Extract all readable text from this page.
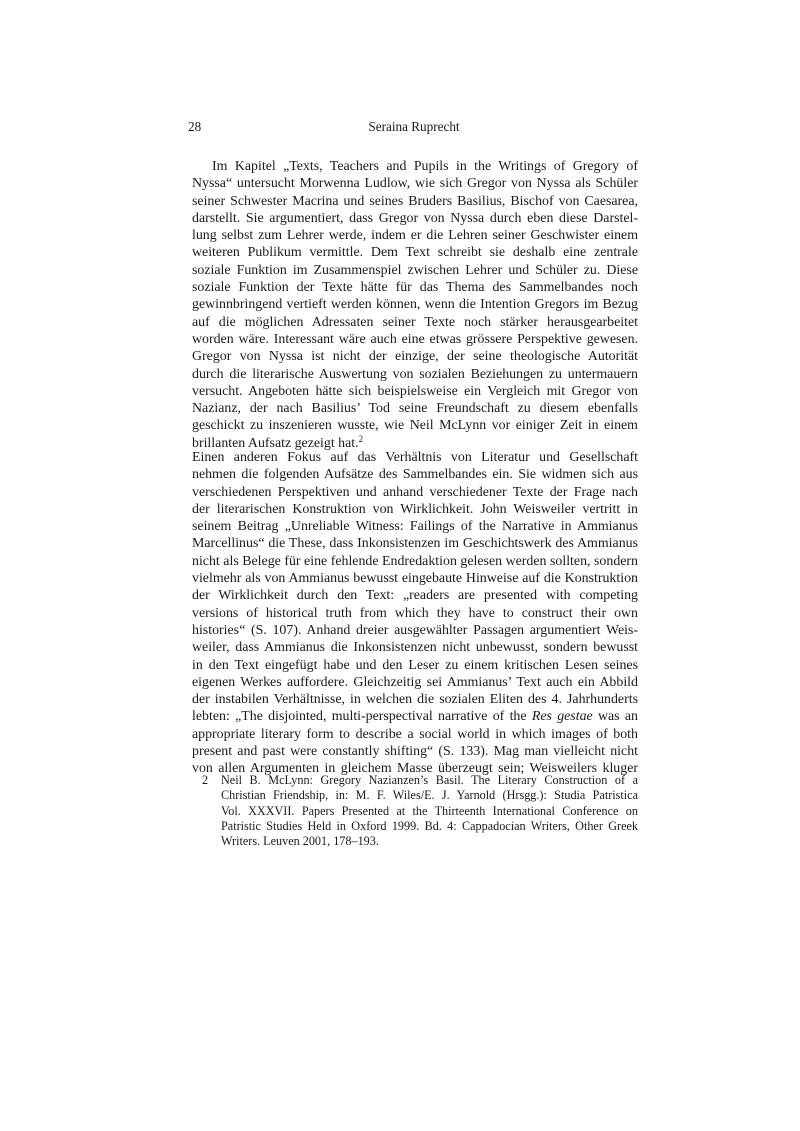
28	Seraina Ruprecht
Im Kapitel „Texts, Teachers and Pupils in the Writings of Gregory of
Nyssa“ untersucht Morwenna Ludlow, wie sich Gregor von Nyssa als Schüler
seiner Schwester Macrina und seines Bruders Basilius, Bischof von Caesarea,
darstellt. Sie argumentiert, dass Gregor von Nyssa durch eben diese Darstel-
lung selbst zum Lehrer werde, indem er die Lehren seiner Geschwister einem
weiteren Publikum vermittle. Dem Text schreibt sie deshalb eine zentrale
soziale Funktion im Zusammenspiel zwischen Lehrer und Schüler zu. Diese
soziale Funktion der Texte hätte für das Thema des Sammelbandes noch
gewinnbringend vertieft werden können, wenn die Intention Gregors im Bezug
auf die möglichen Adressaten seiner Texte noch stärker herausgearbeitet
worden wäre. Interessant wäre auch eine etwas grössere Perspektive gewesen.
Gregor von Nyssa ist nicht der einzige, der seine theologische Autorität
durch die literarische Auswertung von sozialen Beziehungen zu untermauern
versucht. Angeboten hätte sich beispielsweise ein Vergleich mit Gregor von
Nazianz, der nach Basilius’ Tod seine Freundschaft zu diesem ebenfalls
geschickt zu inszenieren wusste, wie Neil McLynn vor einiger Zeit in einem
brillanten Aufsatz gezeigt hat.$^2$
Einen anderen Fokus auf das Verhältnis von Literatur und Gesellschaft
nehmen die folgenden Aufsätze des Sammelbandes ein. Sie widmen sich aus
verschiedenen Perspektiven und anhand verschiedener Texte der Frage nach
der literarischen Konstruktion von Wirklichkeit. John Weisweiler vertritt in
seinem Beitrag „Unreliable Witness: Failings of the Narrative in Ammianus
Marcellinus“ die These, dass Inkonsistenzen im Geschichtswerk des Ammianus
nicht als Belege für eine fehlende Endredaktion gelesen werden sollten, sondern
vielmehr als von Ammianus bewusst eingebaute Hinweise auf die Konstruktion
der Wirklichkeit durch den Text: „readers are presented with competing
versions of historical truth from which they have to construct their own
histories“ (S. 107). Anhand dreier ausgewählter Passagen argumentiert Weis-
weiler, dass Ammianus die Inkonsistenzen nicht unbewusst, sondern bewusst
in den Text eingefügt habe und den Leser zu einem kritischen Lesen seines
eigenen Werkes auffordere. Gleichzeitig sei Ammianus’ Text auch ein Abbild
der instabilen Verhältnisse, in welchen die sozialen Eliten des 4. Jahrhunderts
lebten: „The disjointed, multi-perspectival narrative of the Res gestae was an
appropriate literary form to describe a social world in which images of both
present and past were constantly shifting“ (S. 133). Mag man vielleicht nicht
von allen Argumenten in gleichem Masse überzeugt sein; Weisweilers kluger
2 Neil B. McLynn: Gregory Nazianzen’s Basil. The Literary Construction of a
Christian Friendship, in: M. F. Wiles/E. J. Yarnold (Hrsgg.): Studia Patristica
Vol. XXXVII. Papers Presented at the Thirteenth International Conference on
Patristic Studies Held in Oxford 1999. Bd. 4: Cappadocian Writers, Other Greek
Writers. Leuven 2001, 178–193.
